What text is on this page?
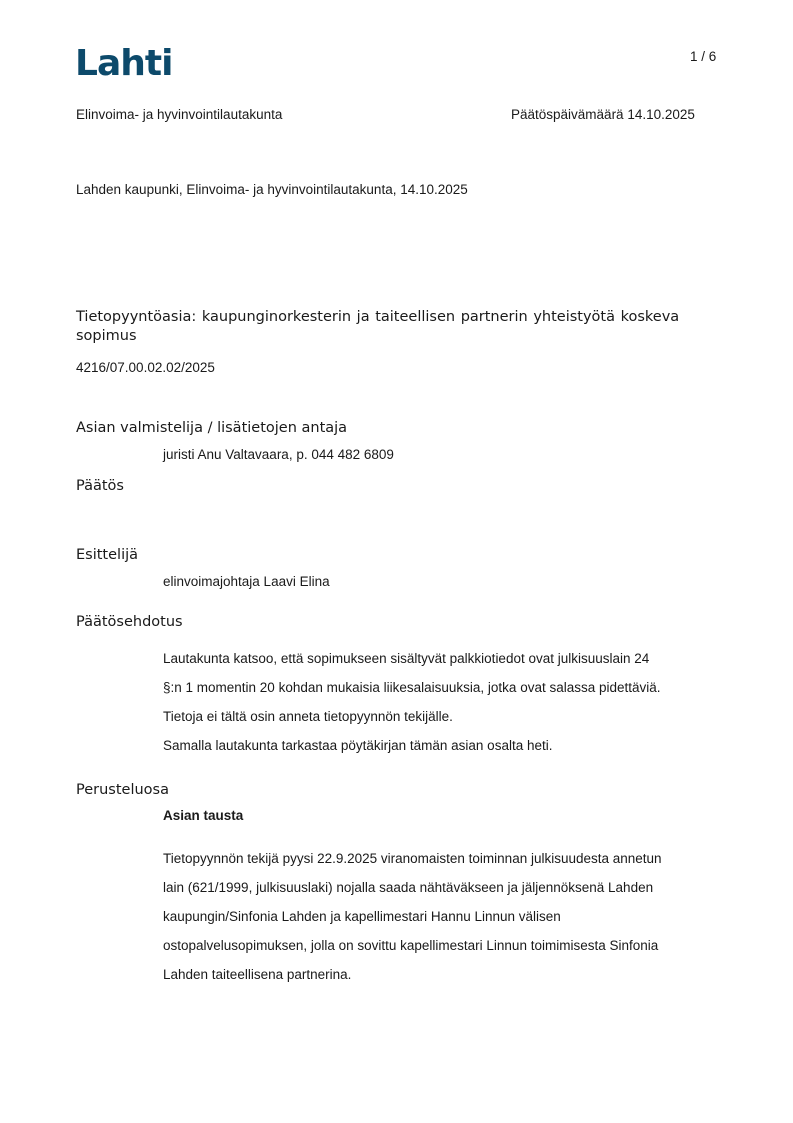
Lahti	1 / 6
Elinvoima- ja hyvinvointilautakunta	Päätöspäivämäärä 14.10.2025
Lahden kaupunki, Elinvoima- ja hyvinvointilautakunta, 14.10.2025
Tietopyyntöasia: kaupunginorkesterin ja taiteellisen partnerin yhteistyötä koskeva sopimus
4216/07.00.02.02/2025
Asian valmistelija / lisätietojen antaja
juristi Anu Valtavaara, p. 044 482 6809
Päätös
Esittelijä
elinvoimajohtaja Laavi Elina
Päätösehdotus
Lautakunta katsoo, että sopimukseen sisältyvät palkkiotiedot ovat julkisuuslain 24
§:n 1 momentin 20 kohdan mukaisia liikesalaisuuksia, jotka ovat salassa pidettäviä.
Tietoja ei tältä osin anneta tietopyynnön tekijälle.
Samalla lautakunta tarkastaa pöytäkirjan tämän asian osalta heti.
Perusteluosa
Asian tausta
Tietopyynnön tekijä pyysi 22.9.2025 viranomaisten toiminnan julkisuudesta annetun
lain (621/1999, julkisuuslaki) nojalla saada nähtäväkseen ja jäljennöksenä Lahden
kaupungin/Sinfonia Lahden ja kapellimestari Hannu Linnun välisen
ostopalvelusopimuksen, jolla on sovittu kapellimestari Linnun toimimisesta Sinfonia
Lahden taiteellisena partnerina.
